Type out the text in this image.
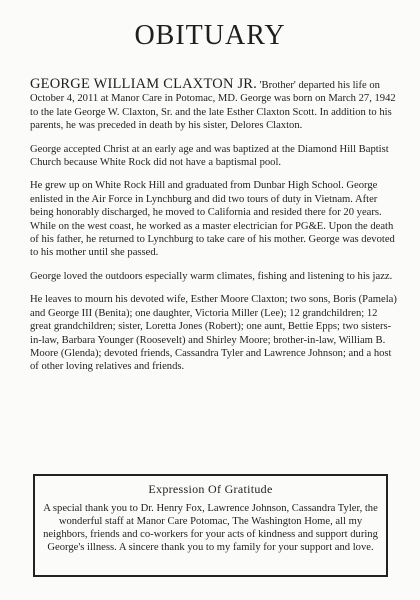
OBITUARY

GEORGE WILLIAM CLAXTON JR. 'Brother' departed his life on October 4, 2011 at Manor Care in Potomac, MD. George was born on March 27, 1942 to the late George W. Claxton, Sr. and the late Esther Claxton Scott. In addition to his parents, he was preceded in death by his sister, Delores Claxton.

George accepted Christ at an early age and was baptized at the Diamond Hill Baptist Church because White Rock did not have a baptismal pool.

He grew up on White Rock Hill and graduated from Dunbar High School. George enlisted in the Air Force in Lynchburg and did two tours of duty in Vietnam. After being honorably discharged, he moved to California and resided there for 20 years. While on the west coast, he worked as a master electrician for PG&E. Upon the death of his father, he returned to Lynchburg to take care of his mother. George was devoted to his mother until she passed.

George loved the outdoors especially warm climates, fishing and listening to his jazz.

He leaves to mourn his devoted wife, Esther Moore Claxton; two sons, Boris (Pamela) and George III (Benita); one daughter, Victoria Miller (Lee); 12 grandchildren; 12 great grandchildren; sister, Loretta Jones (Robert); one aunt, Bettie Epps; two sisters-in-law, Barbara Younger (Roosevelt) and Shirley Moore; brother-in-law, William B. Moore (Glenda); devoted friends, Cassandra Tyler and Lawrence Johnson; and a host of other loving relatives and friends.

Expression Of Gratitude

A special thank you to Dr. Henry Fox, Lawrence Johnson, Cassandra Tyler, the wonderful staff at Manor Care Potomac, The Washington Home, all my neighbors, friends and co-workers for your acts of kindness and support during George's illness. A sincere thank you to my family for your support and love.
